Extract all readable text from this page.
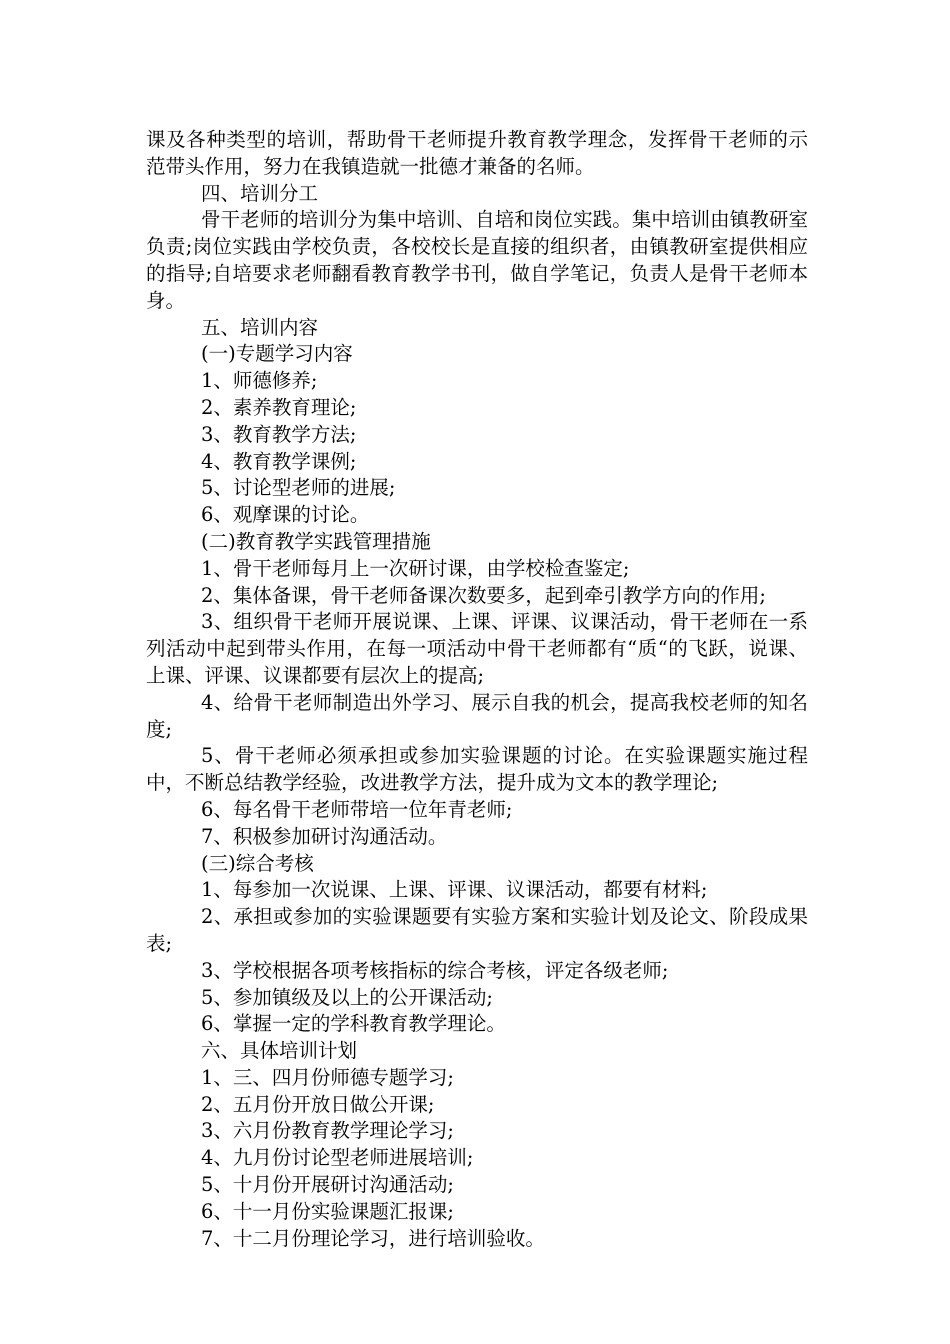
课及各种类型的培训，帮助骨干老师提升教育教学理念，发挥骨干老师的示范带头作用，努力在我镇造就一批德才兼备的名师。

四、培训分工

骨干老师的培训分为集中培训、自培和岗位实践。集中培训由镇教研室负责;岗位实践由学校负责，各校校长是直接的组织者，由镇教研室提供相应的指导;自培要求老师翻看教育教学书刊，做自学笔记，负责人是骨干老师本身。

五、培训内容

(一)专题学习内容

1、师德修养;

2、素养教育理论;

3、教育教学方法;

4、教育教学课例;

5、讨论型老师的进展;

6、观摩课的讨论。

(二)教育教学实践管理措施

1、骨干老师每月上一次研讨课，由学校检查鉴定;

2、集体备课，骨干老师备课次数要多，起到牵引教学方向的作用;

3、组织骨干老师开展说课、上课、评课、议课活动，骨干老师在一系列活动中起到带头作用，在每一项活动中骨干老师都有“质“的飞跃，说课、上课、评课、议课都要有层次上的提高;

4、给骨干老师制造出外学习、展示自我的机会，提高我校老师的知名度;

5、骨干老师必须承担或参加实验课题的讨论。在实验课题实施过程中，不断总结教学经验，改进教学方法，提升成为文本的教学理论;

6、每名骨干老师带培一位年青老师;

7、积极参加研讨沟通活动。

(三)综合考核

1、每参加一次说课、上课、评课、议课活动，都要有材料;

2、承担或参加的实验课题要有实验方案和实验计划及论文、阶段成果表;

3、学校根据各项考核指标的综合考核，评定各级老师;

5、参加镇级及以上的公开课活动;

6、掌握一定的学科教育教学理论。

六、具体培训计划

1、三、四月份师德专题学习;

2、五月份开放日做公开课;

3、六月份教育教学理论学习;

4、九月份讨论型老师进展培训;

5、十月份开展研讨沟通活动;

6、十一月份实验课题汇报课;

7、十二月份理论学习，进行培训验收。
